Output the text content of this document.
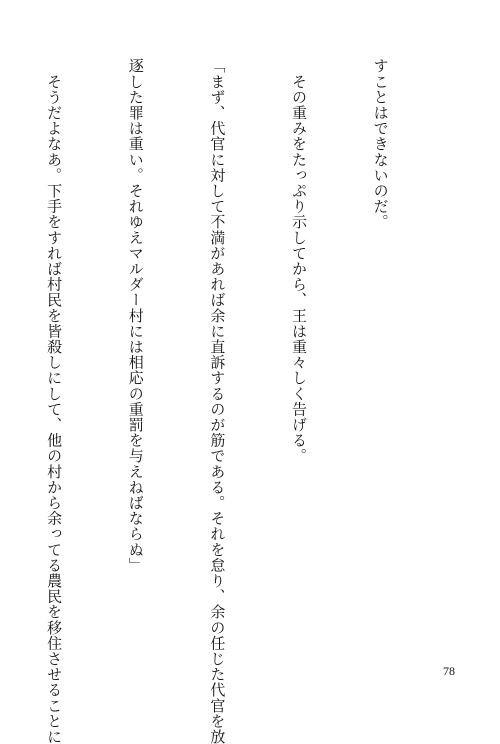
すことはできないのだ。

　その重みをたっぷり示してから、王は重々しく告げる。

「まず、代官に対して不満があれば余に直訴するのが筋である。それを怠り、余の任じた代官を放

逐した罪は重い。それゆえマルダー村には相応の重罰を与えねばならぬ」

　そうだよなあ。下手をすれば村民を皆殺しにして、他の村から余ってる農民を移住させることに

	78
